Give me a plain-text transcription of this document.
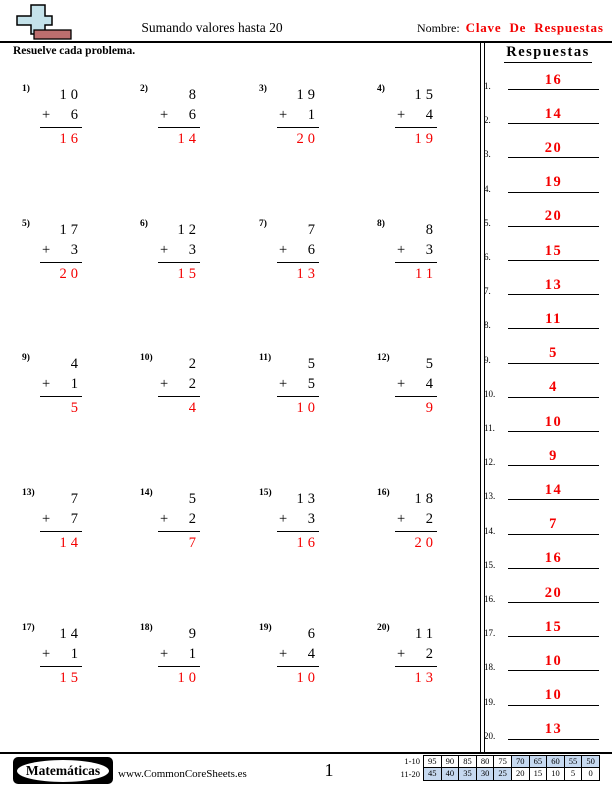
Sumando valores hasta 20	Nombre: Clave De Respuestas
Resuelve cada problema.
1)	10
+ 6
16
2)	8
+ 6
14
3)	19
+ 1
20
4)	15
+ 4
19
5)	17
+ 3
20
6)	12
+ 3
15
7)	7
+ 6
13
8)	8
+ 3
11
9)	4
+ 1
5
10)	2
+ 2
4
11)	5
+ 5
10
12)	5
+ 4
9
13)	7
+ 7
14
14)	5
+ 2
7
15)	13
+ 3
16
16)	18
+ 2
20
17)	14
+ 1
15
18)	9
+ 1
10
19)	6
+ 4
10
20)	11
+ 2
13
Respuestas
1.	16
2.	14
3.	20
4.	19
5.	20
6.	15
7.	13
8.	11
9.	5
10.	4
11.	10
12.	9
13.	14
14.	7
15.	16
16.	20
17.	15
18.	10
19.	10
20.	13
Matemáticas www.CommonCoreSheets.es	1	1-10 95	90	85	80	75	70	65	60	55	50
11-20 45	40	35	30	25	20	15	10	5	0
